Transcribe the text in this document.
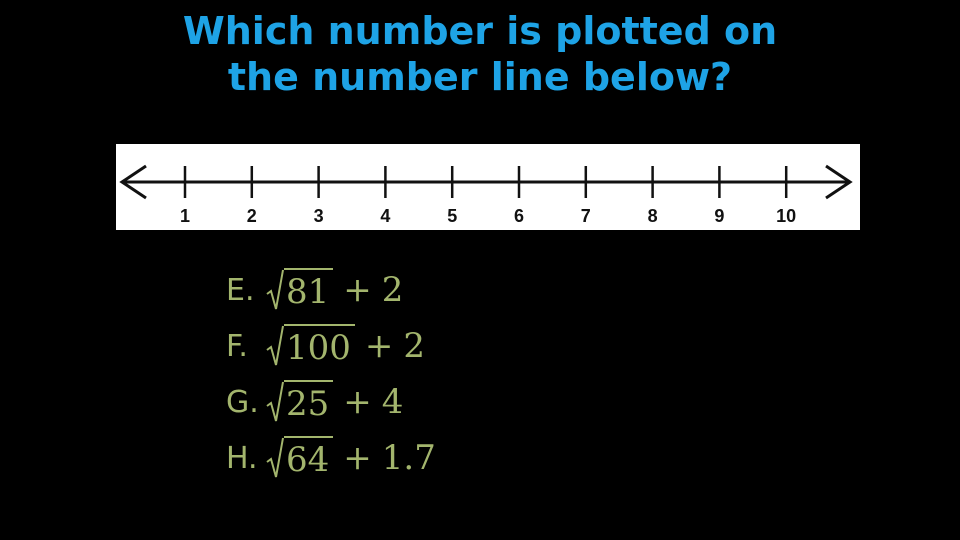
Which number is plotted on
the number line below?
1	2	3	4	5	6	7	8	9	10
E. 81 + 2
F.	100 + 2
G. 25 + 4
H. 64 + 1.7
